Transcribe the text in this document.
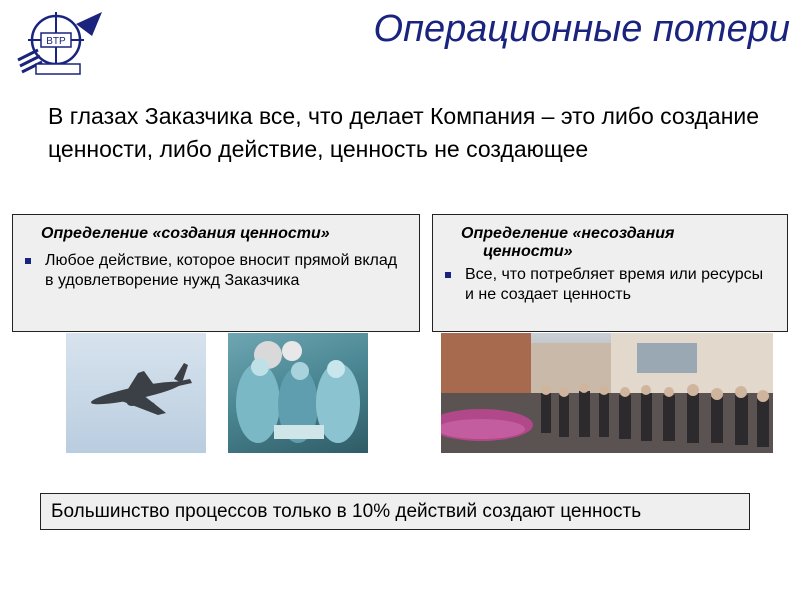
BTP	Операционные потери
В глазах Заказчика все, что делает Компания – это либо создание ценности, либо действие, ценность не создающее
Определение «создания ценности»
Любое действие, которое вносит прямой вклад в удовлетворение нужд Заказчика
Определение «несоздания
ценности»
Все, что потребляет время или ресурсы и не создает ценность
Большинство процессов только в 10% действий создают ценность
